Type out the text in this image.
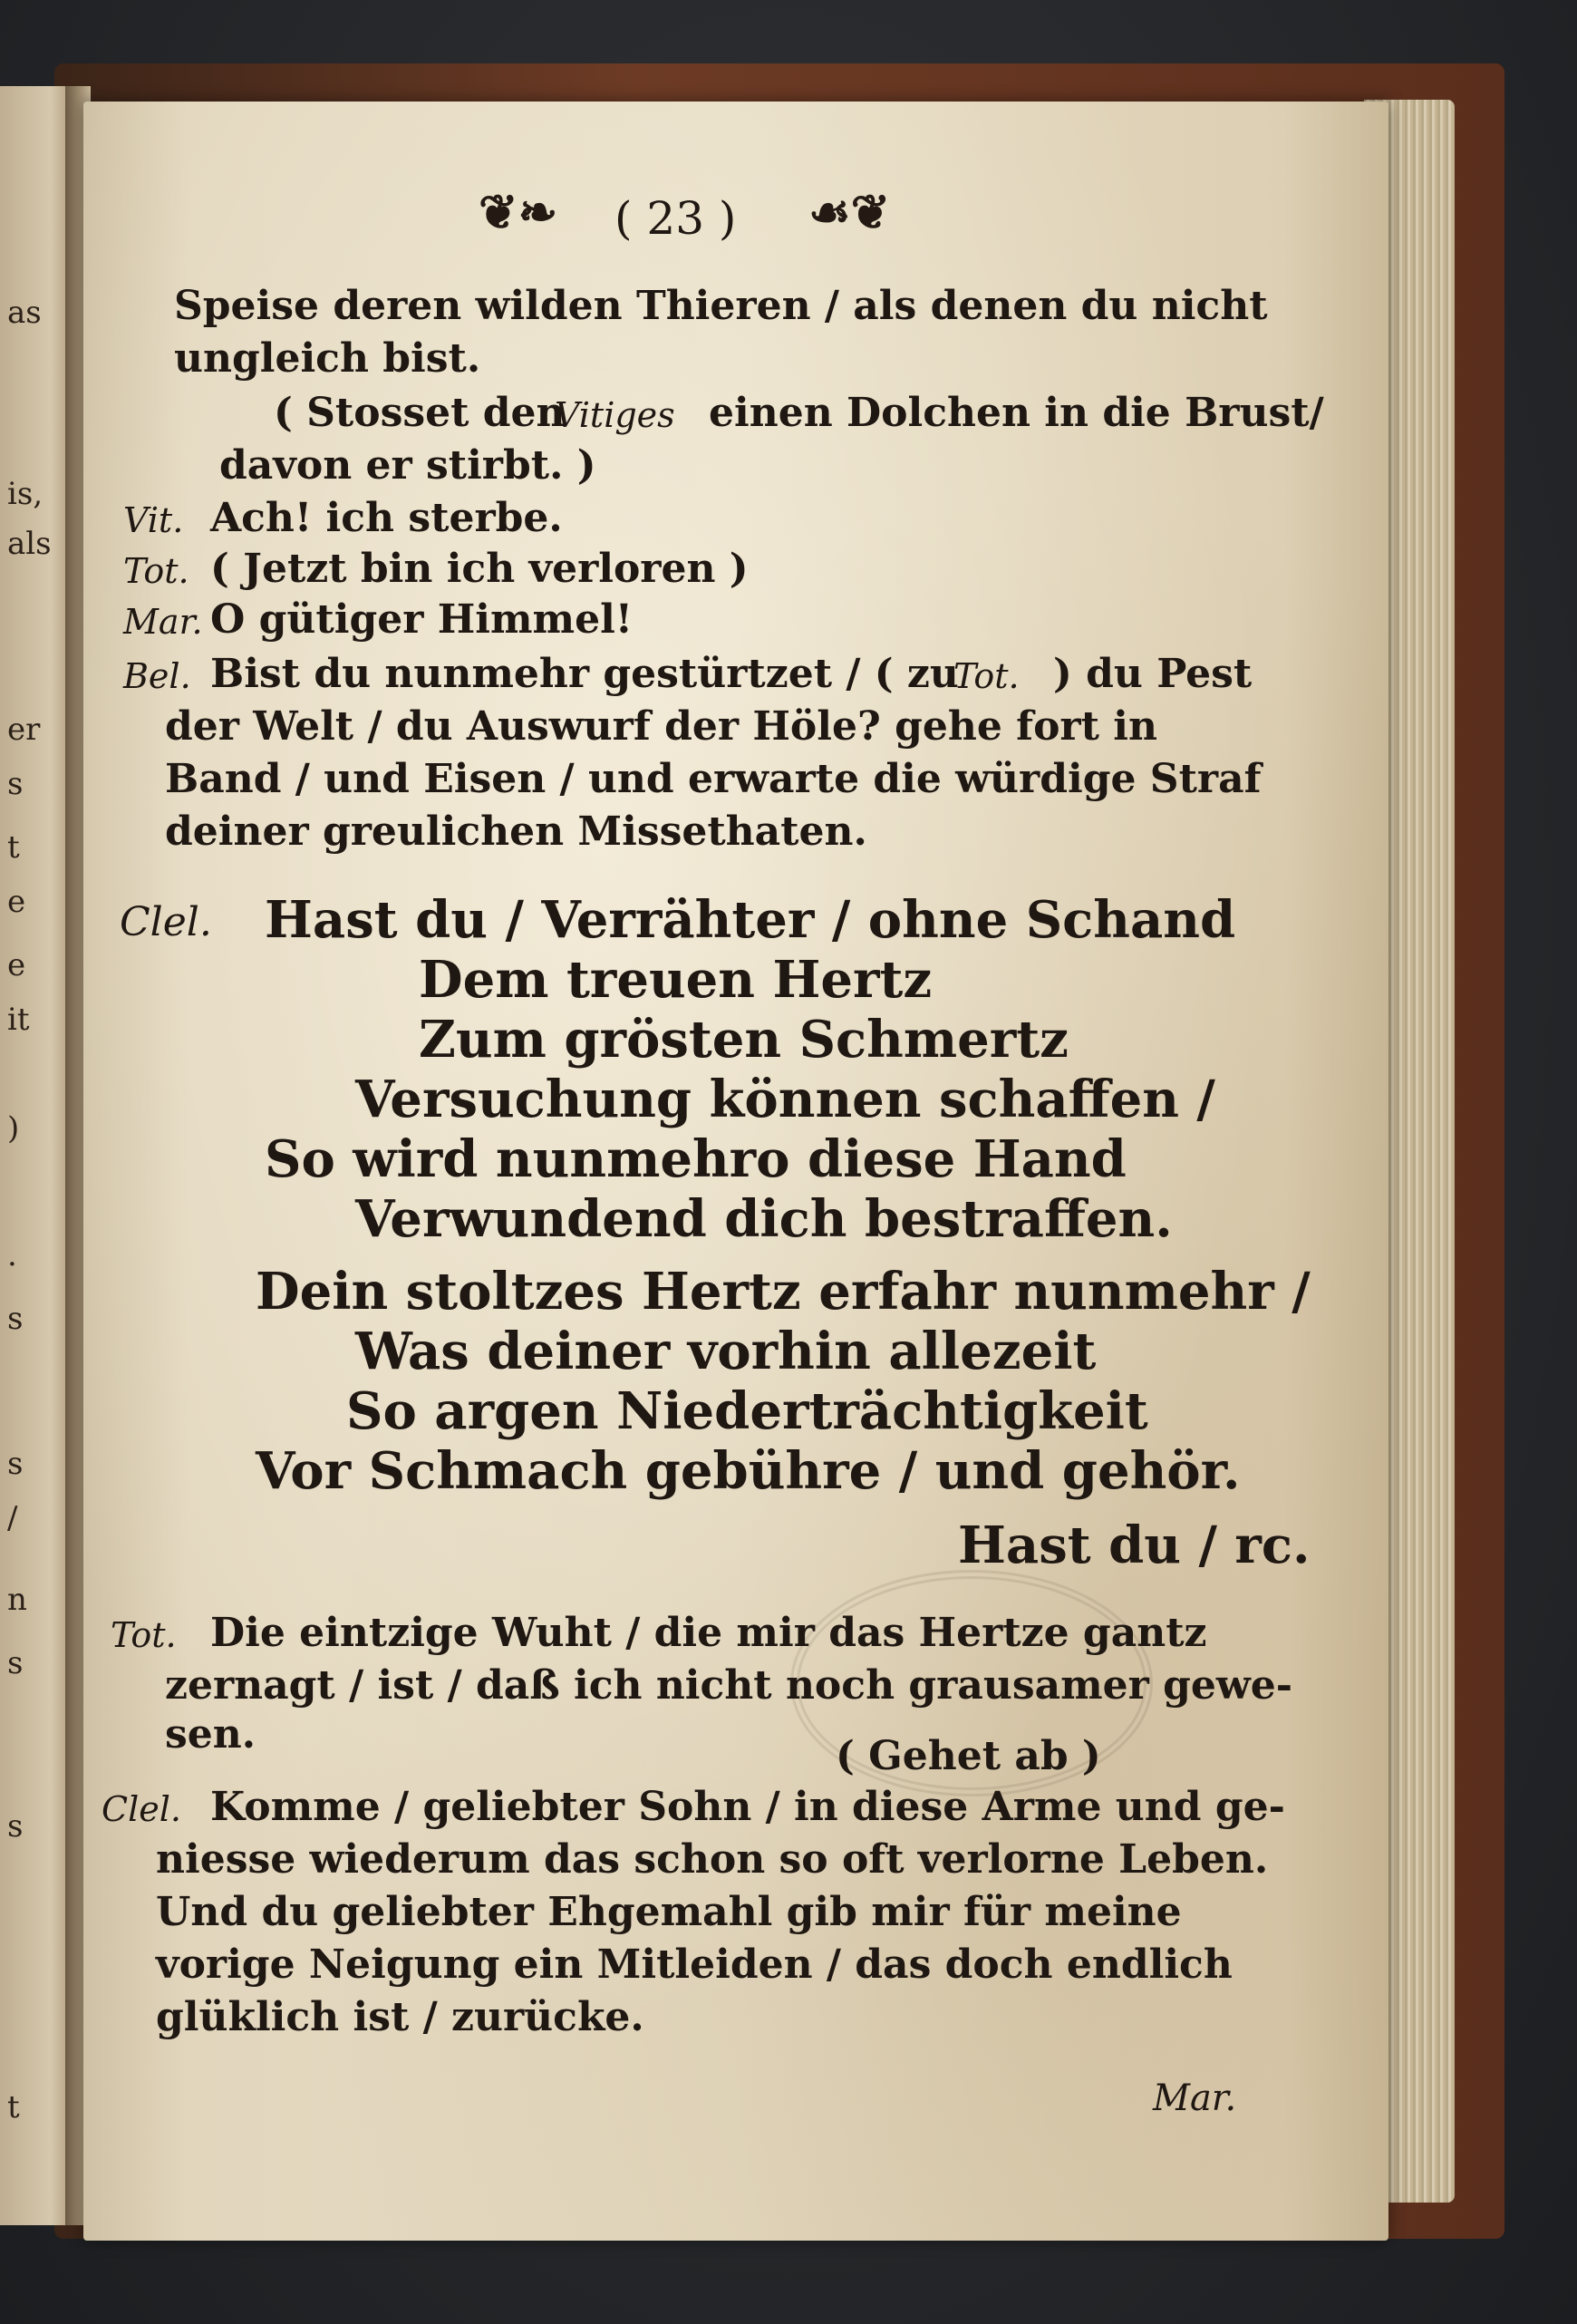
as
is,
als
er
s
t
e
e
it
)
.
s
s
/
n
s
s
t
❦❧ ( 23 ) ☙❦
Speise deren wilden Thieren / als denen du nicht
ungleich bist.
( Stosset den
Vitiges einen Dolchen in die Brust/
davon er stirbt. )
Vit. Ach! ich sterbe.
Tot. ( Jetzt bin ich verloren )
Mar. O gütiger Himmel!
Bel. Bist du nunmehr gestürtzet / ( zu
Tot. ) du Pest
der Welt / du Auswurf der Höle? gehe fort in
Band / und Eisen / und erwarte die würdige Straf
deiner greulichen Missethaten.
Clel. Hast du / Verrähter / ohne Schand
Dem treuen Hertz
Zum grösten Schmertz
Versuchung können schaffen /
So wird nunmehro diese Hand
Verwundend dich bestraffen.
Dein stoltzes Hertz erfahr nunmehr /
Was deiner vorhin allezeit
So argen Niederträchtigkeit
Vor Schmach gebühre / und gehör.
Hast du / rc.
Tot. Die eintzige Wuht / die mir das Hertze gantz
zernagt / ist / daß ich nicht noch grausamer gewe-
sen.	( Gehet ab )
Clel. Komme / geliebter Sohn / in diese Arme und ge-
niesse wiederum das schon so oft verlorne Leben.
Und du geliebter Ehgemahl gib mir für meine
vorige Neigung ein Mitleiden / das doch endlich
glüklich ist / zurücke.
Mar.
